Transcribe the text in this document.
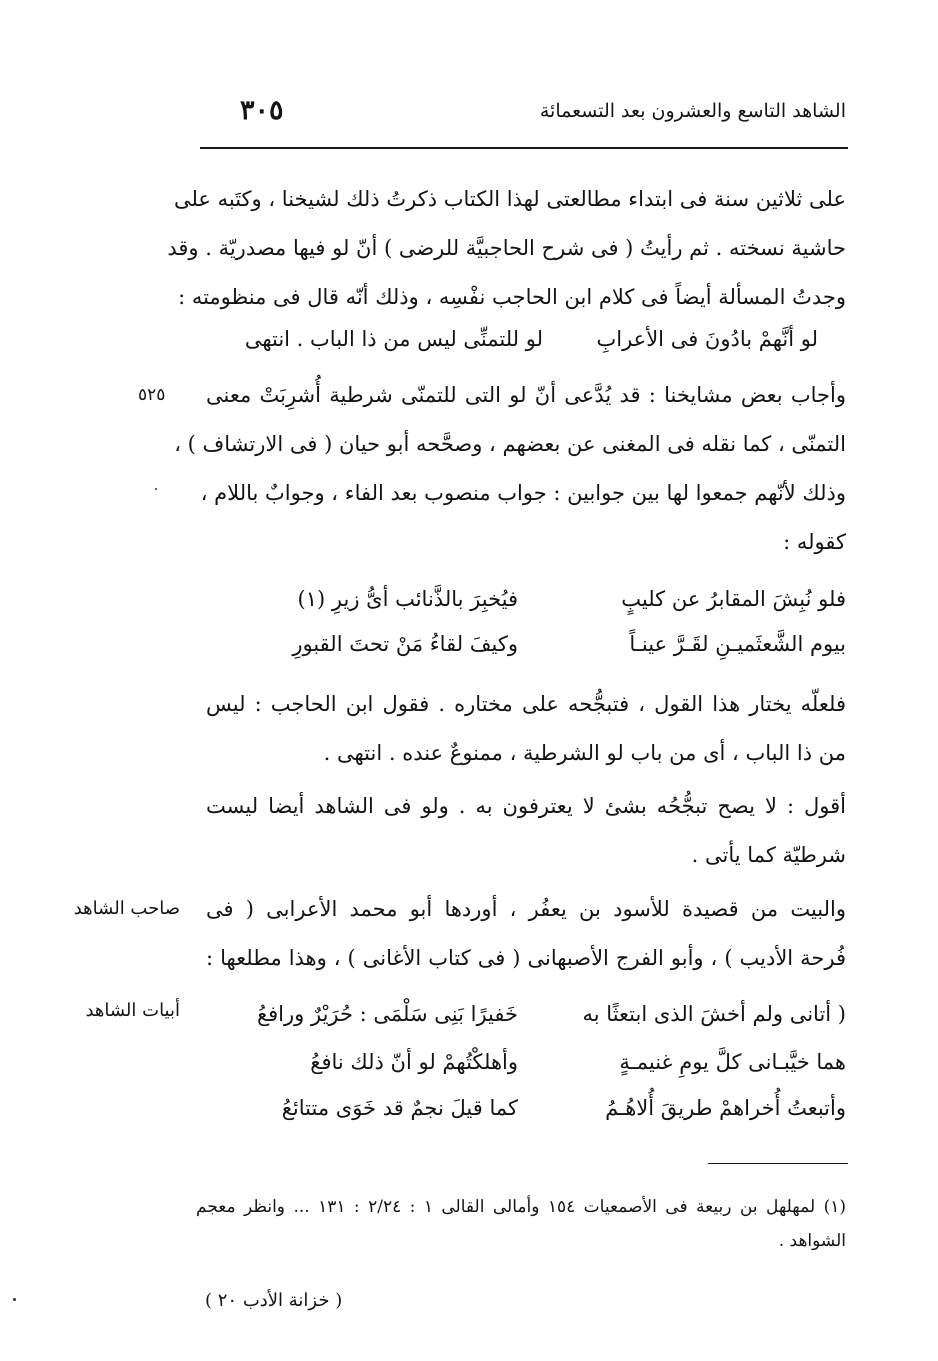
الشاهد التاسع والعشرون بعد التسعمائة
٣٠٥
على ثلاثين سنة فى ابتداء مطالعتى لهذا الكتاب ذكرتُ ذلك لشيخنا ، وكتَبه على
حاشية نسخته . ثم رأيتُ ( فى شرح الحاجبيَّة للرضى ) أنّ لو فيها مصدريّة . وقد
وجدتُ المسألة أيضاً فى كلام ابن الحاجب نفْسِه ، وذلك أنّه قال فى منظومته :
لو أنَّهمْ بادُونَ فى الأعرابِ
لو للتمنِّى ليس من ذا الباب . انتهى
٥٢٥ وأجاب بعض مشايخنا : قد يُدَّعى أنّ لو التى للتمنّى شرطية أُشرِبَتْ معنى
التمنّى ، كما نقله فى المغنى عن بعضهم ، وصحَّحه أبو حيان ( فى الارتشاف ) ،
وذلك لأنّهم جمعوا لها بين جوابين : جواب منصوب بعد الفاء ، وجوابٌ باللام ،
كقوله :
فلو نُبِشَ المقابرُ عن كليبٍ
فيُخبِرَ بالذَّنائب أىُّ زيرِ (١)
بيوم الشَّعثَميـنِ لقَـرَّ عينـاً
وكيفَ لقاءُ مَنْ تحتَ القبورِ
فلعلّه يختار هذا القول ، فتبجُّحه على مختاره . فقول ابن الحاجب : ليس
من ذا الباب ، أى من باب لو الشرطية ، ممنوعٌ عنده . انتهى .
أقول : لا يصح تبجُّحُه بشئ لا يعترفون به . ولو فى الشاهد أيضا ليست
شرطيّة كما يأتى .
صاحب الشاهد والبيت من قصيدة للأسود بن يعفُر ، أوردها أبو محمد الأعرابى ( فى
فُرحة الأديب ) ، وأبو الفرج الأصبهانى ( فى كتاب الأغانى ) ، وهذا مطلعها :
أبيات الشاهد	( أتانى ولم أخشَ الذى ابتعثًا به
خَفيرًا بَنِى سَلْمَى : حُرَيْرٌ ورافعُ
هما خيَّبـانى كلَّ يومِ غنيمـةٍ
وأهلكْتُهمْ لو أنّ ذلك نافعُ
وأتبعتُ أُخراهمْ طريقَ أُلاهُـمُ
كما قيلَ نجمٌ قد خَوَى متتائعُ
(١) لمهلهل بن ربيعة فى الأصمعيات ١٥٤ وأمالى القالى ١ : ٢/٢٤ : ١٣١ ... وانظر معجم
الشواهد .
( خزانة الأدب ٢٠ )
